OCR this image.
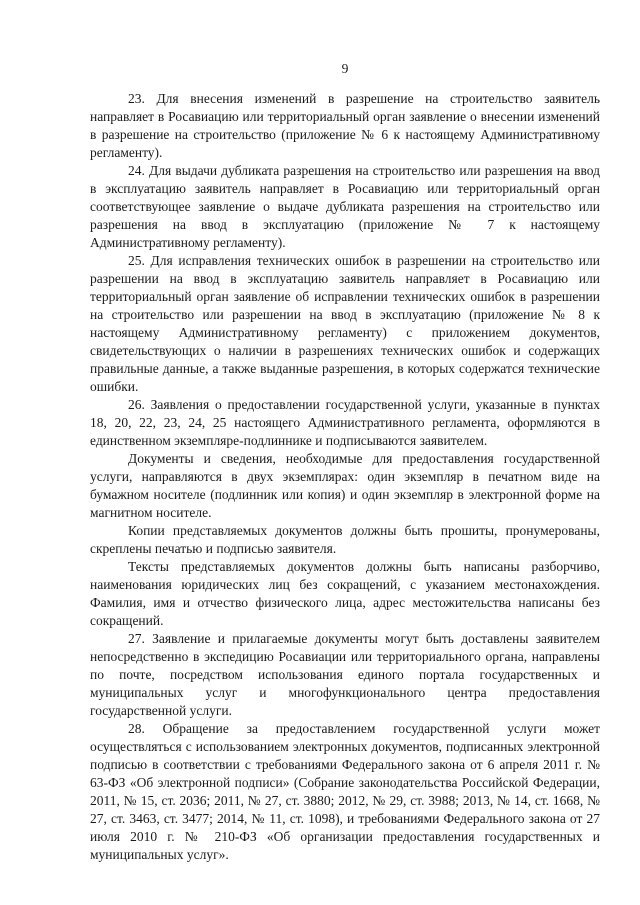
9

23. Для внесения изменений в разрешение на строительство заявитель направляет в Росавиацию или территориальный орган заявление о внесении изменений в разрешение на строительство (приложение № 6 к настоящему Административному регламенту).

24. Для выдачи дубликата разрешения на строительство или разрешения на ввод в эксплуатацию заявитель направляет в Росавиацию или территориальный орган соответствующее заявление о выдаче дубликата разрешения на строительство или разрешения на ввод в эксплуатацию (приложение № 7 к настоящему Административному регламенту).

25. Для исправления технических ошибок в разрешении на строительство или разрешении на ввод в эксплуатацию заявитель направляет в Росавиацию или территориальный орган заявление об исправлении технических ошибок в разрешении на строительство или разрешении на ввод в эксплуатацию (приложение № 8 к настоящему Административному регламенту) с приложением документов, свидетельствующих о наличии в разрешениях технических ошибок и содержащих правильные данные, а также выданные разрешения, в которых содержатся технические ошибки.

26. Заявления о предоставлении государственной услуги, указанные в пунктах 18, 20, 22, 23, 24, 25 настоящего Административного регламента, оформляются в единственном экземпляре-подлиннике и подписываются заявителем.

Документы и сведения, необходимые для предоставления государственной услуги, направляются в двух экземплярах: один экземпляр в печатном виде на бумажном носителе (подлинник или копия) и один экземпляр в электронной форме на магнитном носителе.

Копии представляемых документов должны быть прошиты, пронумерованы, скреплены печатью и подписью заявителя.

Тексты представляемых документов должны быть написаны разборчиво, наименования юридических лиц без сокращений, с указанием местонахождения. Фамилия, имя и отчество физического лица, адрес местожительства написаны без сокращений.

27. Заявление и прилагаемые документы могут быть доставлены заявителем непосредственно в экспедицию Росавиации или территориального органа, направлены по почте, посредством использования единого портала государственных и муниципальных услуг и многофункционального центра предоставления государственной услуги.

28. Обращение за предоставлением государственной услуги может осуществляться с использованием электронных документов, подписанных электронной подписью в соответствии с требованиями Федерального закона от 6 апреля 2011 г. № 63-ФЗ «Об электронной подписи» (Собрание законодательства Российской Федерации, 2011, № 15, ст. 2036; 2011, № 27, ст. 3880; 2012, № 29, ст. 3988; 2013, № 14, ст. 1668, № 27, ст. 3463, ст. 3477; 2014, № 11, ст. 1098), и требованиями Федерального закона от 27 июля 2010 г. № 210-ФЗ «Об организации предоставления государственных и муниципальных услуг».
